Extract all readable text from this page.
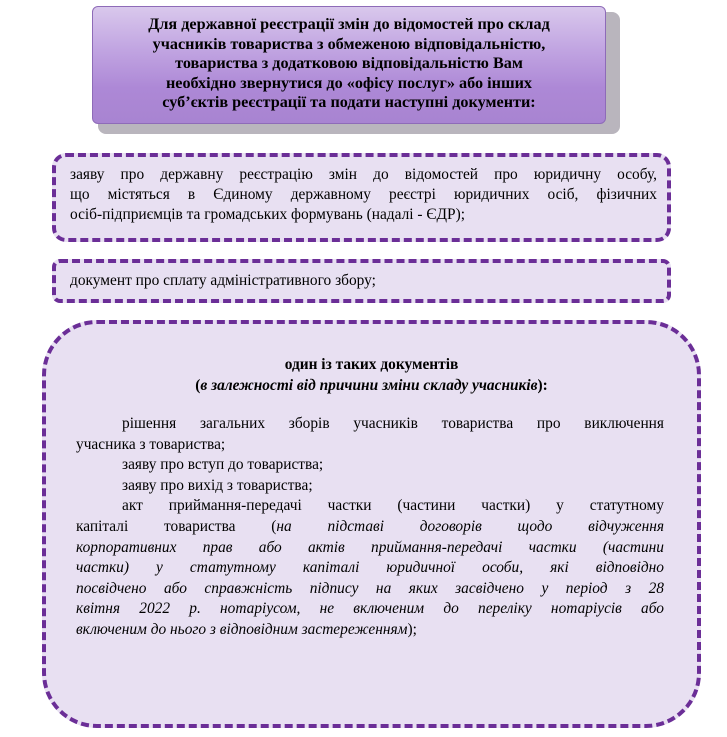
Для державної реєстрації змін до відомостей про склад
учасників товариства з обмеженою відповідальністю,
товариства з додатковою відповідальністю Вам
необхідно звернутися до «офісу послуг» або інших
суб’єктів реєстрації та подати наступні документи:
заяву про державну реєстрацію змін до відомостей про юридичну особу,
що містяться в Єдиному державному реєстрі юридичних осіб, фізичних
осіб-підприємців та громадських формувань (надалі - ЄДР);
документ про сплату адміністративного збору;
один із таких документів
(в залежності від причини зміни складу учасників):
рішення загальних зборів учасників товариства про виключення
учасника з товариства;
заяву про вступ до товариства;
заяву про вихід з товариства;
акт приймання-передачі частки (частини частки) у статутному
капіталі товариства (на підставі договорів щодо відчуження
корпоративних прав або актів приймання-передачі частки (частини
частки) у статутному капіталі юридичної особи, які відповідно
посвідчено або справжність підпису на яких засвідчено у період з 28
квітня 2022 р. нотаріусом, не включеним до переліку нотаріусів або
включеним до нього з відповідним застереженням);
